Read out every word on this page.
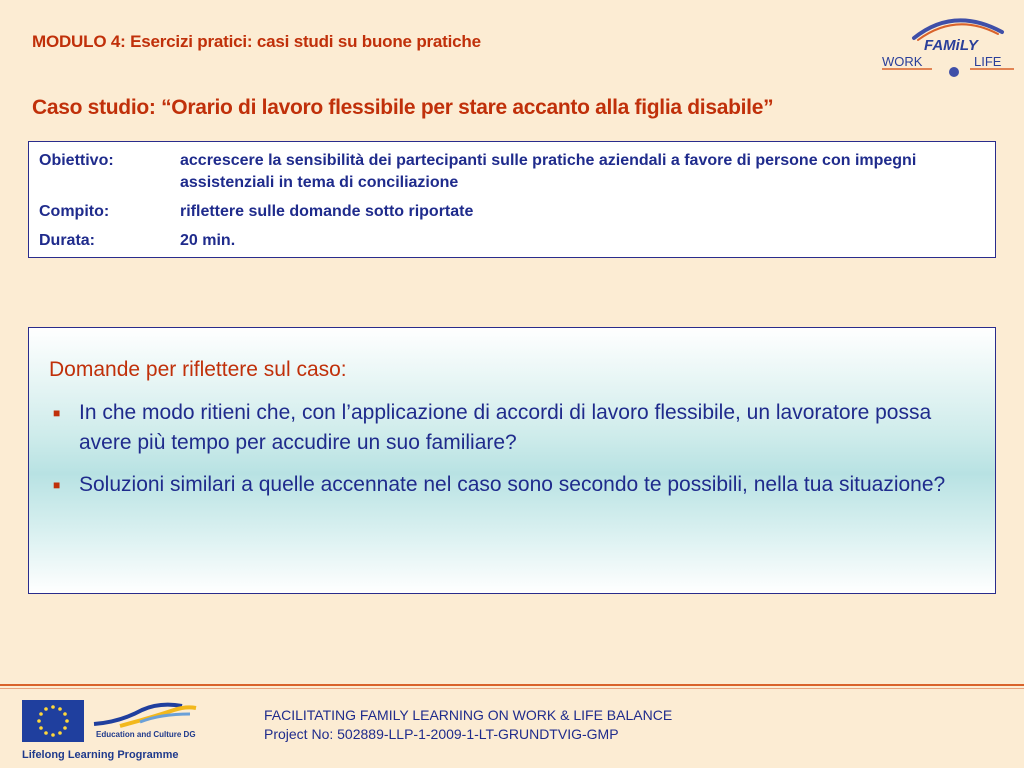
MODULO 4: Esercizi pratici: casi studi su buone pratiche	FAMiLY
WORK	LIFE
Caso studio: “Orario di lavoro flessibile per stare accanto alla figlia disabile”
Obiettivo:	accrescere la sensibilità dei partecipanti sulle pratiche aziendali a favore di persone con impegni assistenziali in tema di conciliazione
Compito:	riflettere sulle domande sotto riportate
Durata:	20 min.
Domande per riflettere sul caso:
■ In che modo ritieni che, con l’applicazione di accordi di lavoro flessibile, un lavoratore possa avere più tempo per accudire un suo familiare?
■ Soluzioni similari a quelle accennate nel caso sono secondo te possibili, nella tua situazione?
Education and Culture DG
Lifelong Learning Programme
FACILITATING FAMILY LEARNING ON WORK & LIFE BALANCE
Project No: 502889-LLP-1-2009-1-LT-GRUNDTVIG-GMP
